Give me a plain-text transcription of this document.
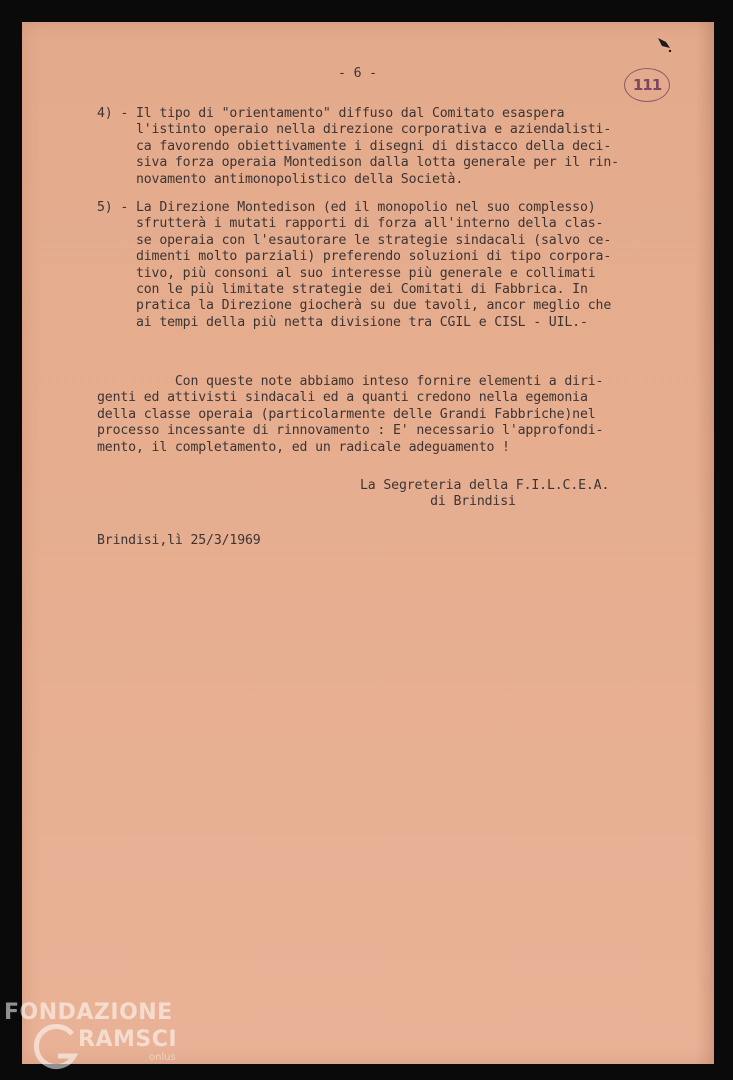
- 6 -
111
4) - Il tipo di "orientamento" diffuso dal Comitato esaspera
l'istinto operaio nella direzione corporativa e aziendalisti-
ca favorendo obiettivamente i disegni di distacco della deci-
siva forza operaia Montedison dalla lotta generale per il rin-
novamento antimonopolistico della Società.
5) - La Direzione Montedison (ed il monopolio nel suo complesso)
sfrutterà i mutati rapporti di forza all'interno della clas-
se operaia con l'esautorare le strategie sindacali (salvo ce-
dimenti molto parziali) preferendo soluzioni di tipo corpora-
tivo, più consoni al suo interesse più generale e collimati
con le più limitate strategie dei Comitati di Fabbrica. In
pratica la Direzione giocherà su due tavoli, ancor meglio che
ai tempi della più netta divisione tra CGIL e CISL - UIL.-
Con queste note abbiamo inteso fornire elementi a diri-
genti ed attivisti sindacali ed a quanti credono nella egemonia
della classe operaia (particolarmente delle Grandi Fabbriche)nel
processo incessante di rinnovamento : E' necessario l'approfondi-
mento, il completamento, ed un radicale adeguamento !
La Segreteria della F.I.L.C.E.A.
di Brindisi
Brindisi,lì 25/3/1969
FONDAZIONE
RAMSCI
onlus
